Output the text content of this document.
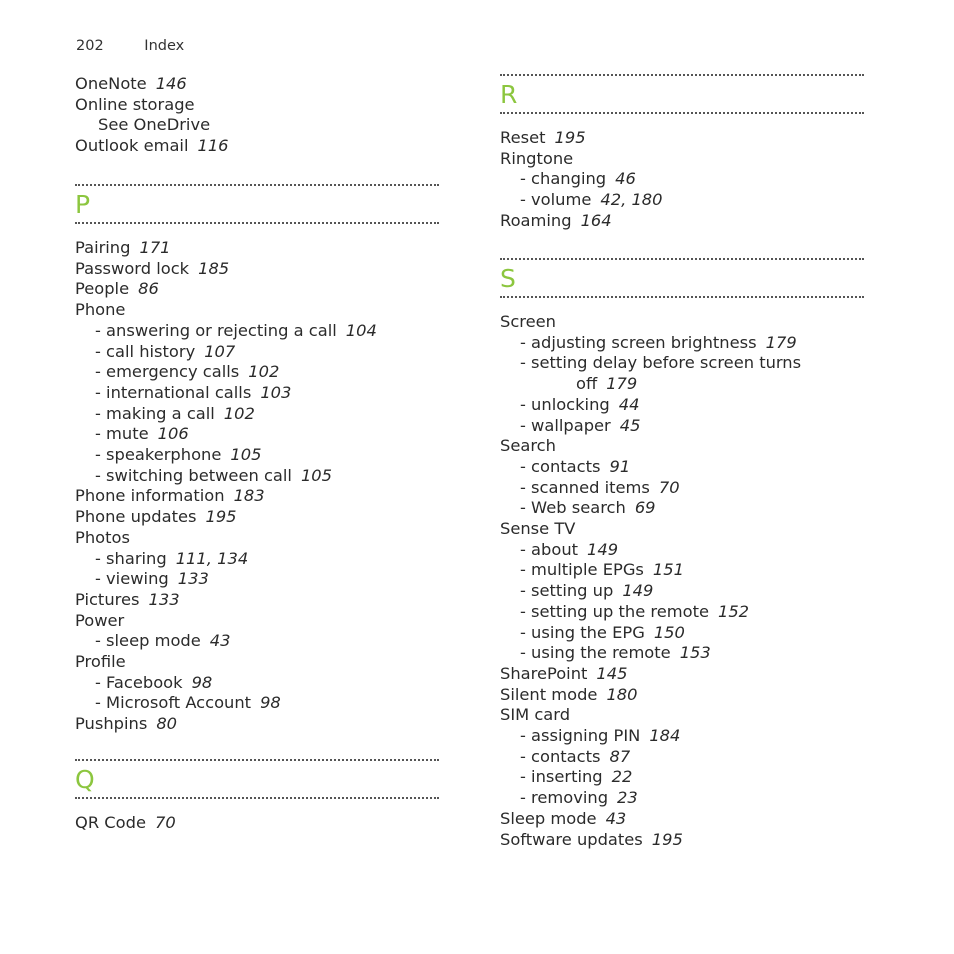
202	Index
OneNote 146
Online storage
See OneDrive
Outlook email 116
P
Pairing 171
Password lock 185
People 86
Phone
- answering or rejecting a call 104
- call history 107
- emergency calls 102
- international calls 103
- making a call 102
- mute 106
- speakerphone 105
- switching between call 105
Phone information 183
Phone updates 195
Photos
- sharing 111, 134
- viewing 133
Pictures 133
Power
- sleep mode 43
Profile
- Facebook 98
- Microsoft Account 98
Pushpins 80
Q
QR Code 70
R
Reset 195
Ringtone
- changing 46
- volume 42, 180
Roaming 164
S
Screen
- adjusting screen brightness 179
- setting delay before screen turns
off 179
- unlocking 44
- wallpaper 45
Search
- contacts 91
- scanned items 70
- Web search 69
Sense TV
- about 149
- multiple EPGs 151
- setting up 149
- setting up the remote 152
- using the EPG 150
- using the remote 153
SharePoint 145
Silent mode 180
SIM card
- assigning PIN 184
- contacts 87
- inserting 22
- removing 23
Sleep mode 43
Software updates 195
